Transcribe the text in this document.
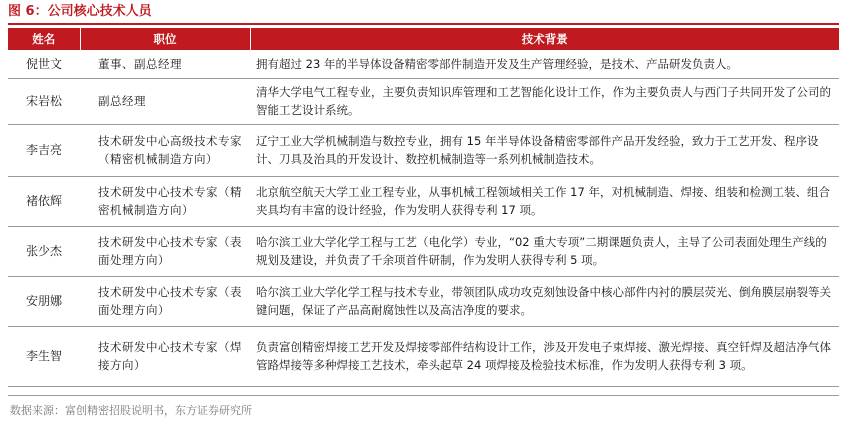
图 6：公司核心技术人员
姓名	职位	技术背景
倪世文	董事、副总经理	拥有超过 23 年的半导体设备精密零部件制造开发及生产管理经验，是技术、产品研发负责人。
宋岩松	副总经理	清华大学电气工程专业，主要负责知识库管理和工艺智能化设计工作，作为主要负责人与西门子共同开发了公司的智能工艺设计系统。
李吉亮	技术研发中心高级技术专家（精密机械制造方向）	辽宁工业大学机械制造与数控专业，拥有 15 年半导体设备精密零部件产品开发经验，致力于工艺开发、程序设计、刀具及治具的开发设计、数控机械制造等一系列机械制造技术。
褚依辉	技术研发中心技术专家（精密机械制造方向）	北京航空航天大学工业工程专业，从事机械工程领域相关工作 17 年，对机械制造、焊接、组装和检测工装、组合夹具均有丰富的设计经验，作为发明人获得专利 17 项。
张少杰	技术研发中心技术专家（表面处理方向）	哈尔滨工业大学化学工程与工艺（电化学）专业，“02 重大专项”二期课题负责人，主导了公司表面处理生产线的规划及建设，并负责了千余项首件研制，作为发明人获得专利 5 项。
安朋娜	技术研发中心技术专家（表面处理方向）	哈尔滨工业大学化学工程与技术专业，带领团队成功攻克刻蚀设备中核心部件内衬的膜层荧光、倒角膜层崩裂等关键问题，保证了产品高耐腐蚀性以及高洁净度的要求。
李生智	技术研发中心技术专家（焊接方向）	负责富创精密焊接工艺开发及焊接零部件结构设计工作，涉及开发电子束焊接、激光焊接、真空钎焊及超洁净气体管路焊接等多种焊接工艺技术，牵头起草 24 项焊接及检验技术标准，作为发明人获得专利 3 项。
数据来源：富创精密招股说明书，东方证券研究所
